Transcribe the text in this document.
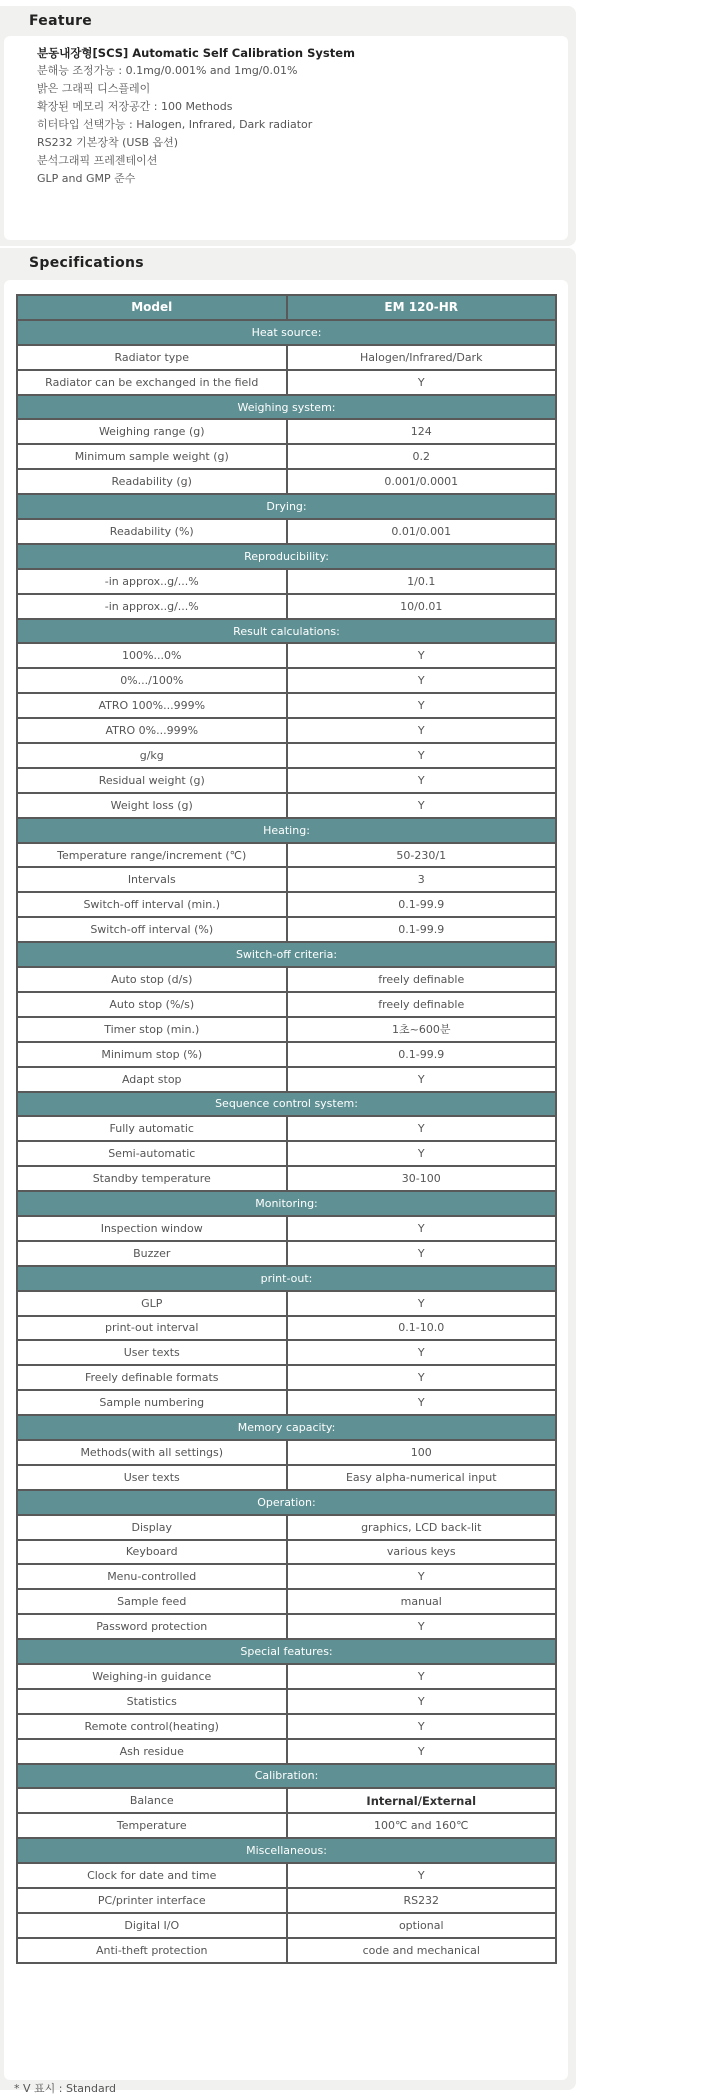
Feature
분동내장형[SCS] Automatic Self Calibration System
분해능 조정가능 : 0.1mg/0.001% and 1mg/0.01%
밝은 그래픽 디스플레이
확장된 메모리 저장공간 : 100 Methods
히터타입 선택가능 : Halogen, Infrared, Dark radiator
RS232 기본장착 (USB 옵션)
분석그래픽 프레젠테이션
GLP and GMP 준수
Specifications
Model	EM 120-HR
Heat source:	
Radiator type	Halogen/Infrared/Dark
Radiator can be exchanged in the field	Y
Weighing system:	
Weighing range (g)	124
Minimum sample weight (g)	0.2
Readability (g)	0.001/0.0001
Drying:	
Readability (%)	0.01/0.001
Reproducibility:	
-in approx..g/...%	1/0.1
-in approx..g/...%	10/0.01
Result calculations:	
100%...0%	Y
0%.../100%	Y
ATRO 100%...999%	Y
ATRO 0%...999%	Y
g/kg	Y
Residual weight (g)	Y
Weight loss (g)	Y
Heating:	
Temperature range/increment (℃)	50-230/1
Intervals	3
Switch-off interval (min.)	0.1-99.9
Switch-off interval (%)	0.1-99.9
Switch-off criteria:	
Auto stop (d/s)	freely definable
Auto stop (%/s)	freely definable
Timer stop (min.)	1초~600분
Minimum stop (%)	0.1-99.9
Adapt stop	Y
Sequence control system:	
Fully automatic	Y
Semi-automatic	Y
Standby temperature	30-100
Monitoring:	
Inspection window	Y
Buzzer	Y
print-out:	
GLP	Y
print-out interval	0.1-10.0
User texts	Y
Freely definable formats	Y
Sample numbering	Y
Memory capacity:	
Methods(with all settings)	100
User texts	Easy alpha-numerical input
Operation:	
Display	graphics, LCD back-lit
Keyboard	various keys
Menu-controlled	Y
Sample feed	manual
Password protection	Y
Special features:	
Weighing-in guidance	Y
Statistics	Y
Remote control(heating)	Y
Ash residue	Y
Calibration:	
Balance	Internal/External
Temperature	100℃ and 160℃
Miscellaneous:	
Clock for date and time	Y
PC/printer interface	RS232
Digital I/O	optional
Anti-theft protection	code and mechanical
* V 표시 : Standard
